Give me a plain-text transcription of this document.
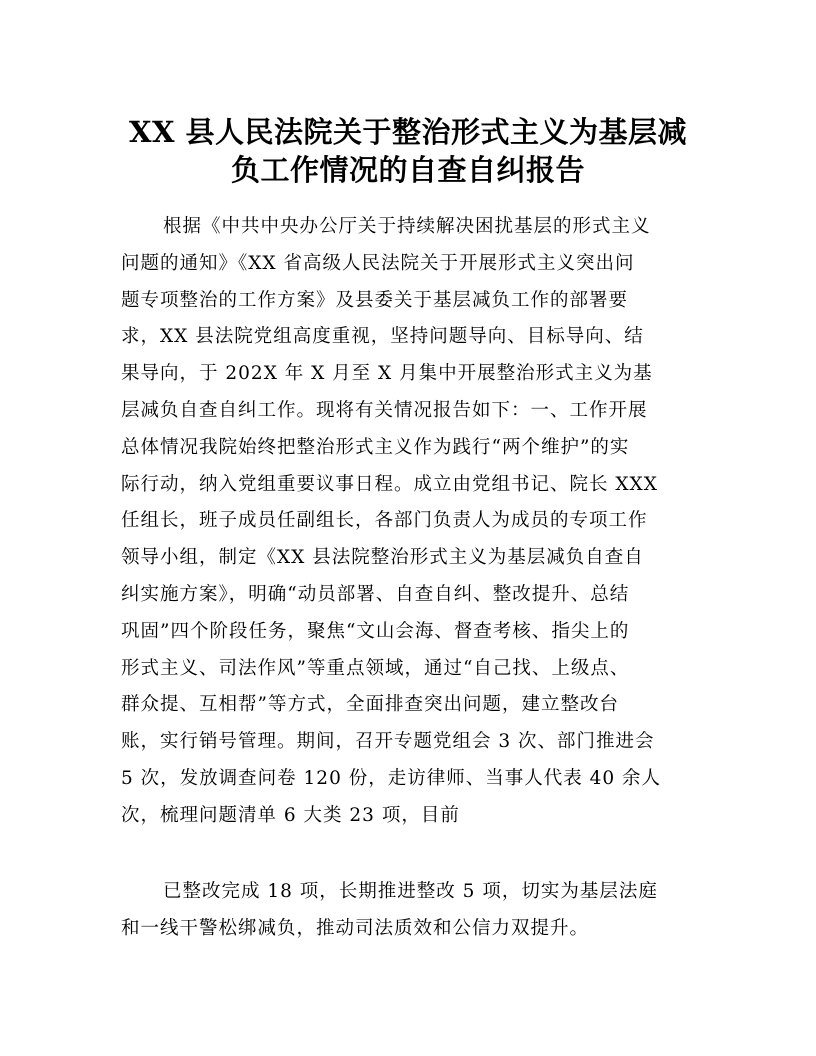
XX 县人民法院关于整治形式主义为基层减
负工作情况的自查自纠报告
根据《中共中央办公厅关于持续解决困扰基层的形式主义
问题的通知》《XX 省高级人民法院关于开展形式主义突出问
题专项整治的工作方案》及县委关于基层减负工作的部署要
求，XX 县法院党组高度重视，坚持问题导向、目标导向、结
果导向，于 202X 年 X 月至 X 月集中开展整治形式主义为基
层减负自查自纠工作。现将有关情况报告如下：一、工作开展
总体情况我院始终把整治形式主义作为践行“两个维护”的实
际行动，纳入党组重要议事日程。成立由党组书记、院长 XXX
任组长，班子成员任副组长，各部门负责人为成员的专项工作
领导小组，制定《XX 县法院整治形式主义为基层减负自查自
纠实施方案》，明确“动员部署、自查自纠、整改提升、总结
巩固”四个阶段任务，聚焦“文山会海、督查考核、指尖上的
形式主义、司法作风”等重点领域，通过“自己找、上级点、
群众提、互相帮”等方式，全面排查突出问题，建立整改台
账，实行销号管理。期间，召开专题党组会 3 次、部门推进会
5 次，发放调查问卷 120 份，走访律师、当事人代表 40 余人
次，梳理问题清单 6 大类 23 项，目前
已整改完成 18 项，长期推进整改 5 项，切实为基层法庭
和一线干警松绑减负，推动司法质效和公信力双提升。
